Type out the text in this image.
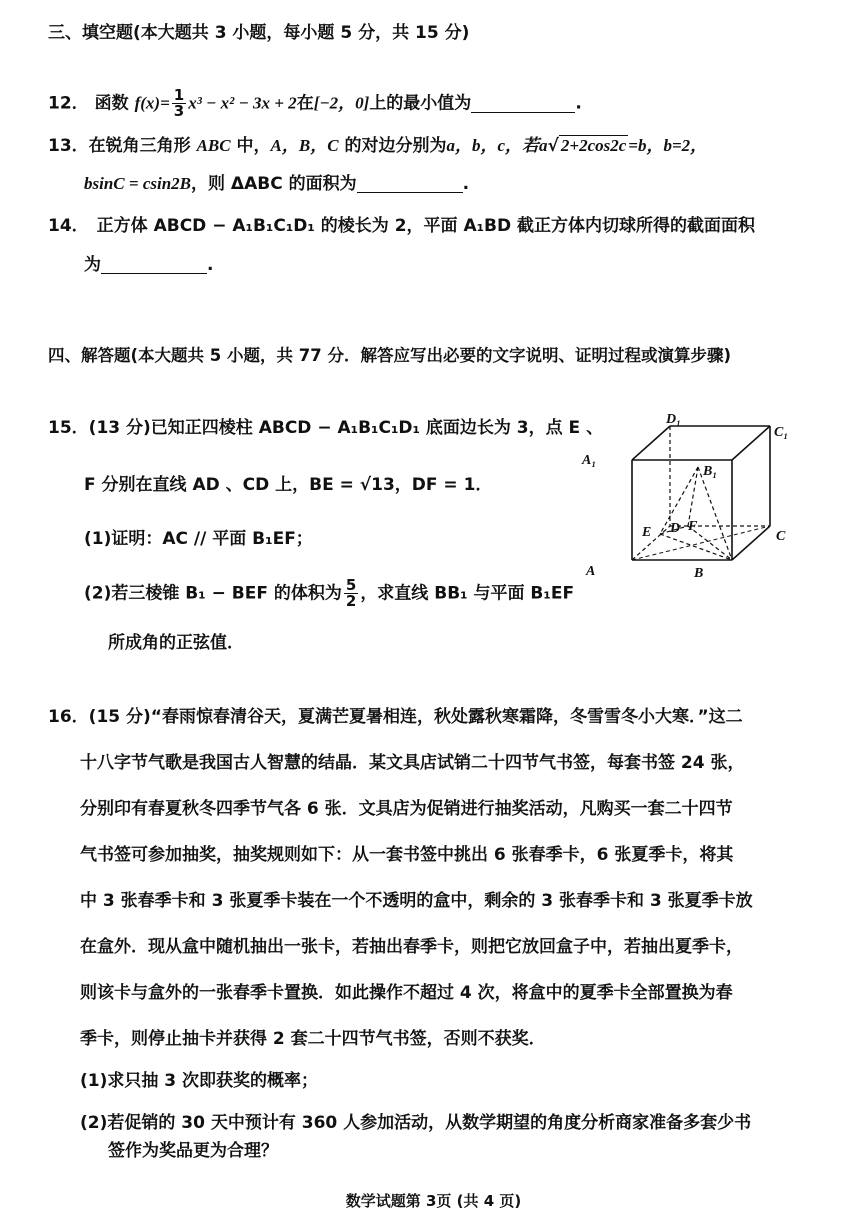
三、填空题(本大题共 3 小题，每小题 5 分，共 15 分)
12． 函数 $f(x)= \frac{1}{3} x^3 - x^2 - 3x + 2$在[−2，0]上的最小值为	.
13．在锐角三角形 ABC 中，A，B，C 的对边分别为a，b，c，若a√ 2+2cos2c =b，b=2，
bsinC = csin2B，则 ΔABC 的面积为	.
14． 正方体 ABCD − A₁B₁C₁D₁ 的棱长为 2，平面 A₁BD 截正方体内切球所得的截面面积
为	.
四、解答题(本大题共 5 小题，共 77 分．解答应写出必要的文字说明、证明过程或演算步骤)
15．(13 分)已知正四棱柱 ABCD − A₁B₁C₁D₁ 底面边长为 3，点 E 、
F 分别在直线 AD 、CD 上，BE = √13，DF = 1．
(1)证明：AC // 平面 B₁EF；
(2)若三棱锥 B₁ − BEF 的体积为 $\frac{5}{2}$ ，求直线 BB₁ 与平面 B₁EF
所成角的正弦值．
D₁
C₁
A₁
B₁
E D F
C
A	B
16．(15 分)“春雨惊春清谷天，夏满芒夏暑相连，秋处露秋寒霜降，冬雪雪冬小大寒．”这二
十八字节气歌是我国古人智慧的结晶．某文具店试销二十四节气书签，每套书签 24 张，
分别印有春夏秋冬四季节气各 6 张．文具店为促销进行抽奖活动，凡购买一套二十四节
气书签可参加抽奖，抽奖规则如下：从一套书签中挑出 6 张春季卡，6 张夏季卡，将其
中 3 张春季卡和 3 张夏季卡装在一个不透明的盒中，剩余的 3 张春季卡和 3 张夏季卡放
在盒外．现从盒中随机抽出一张卡，若抽出春季卡，则把它放回盒子中，若抽出夏季卡，
则该卡与盒外的一张春季卡置换．如此操作不超过 4 次，将盒中的夏季卡全部置换为春
季卡，则停止抽卡并获得 2 套二十四节气书签，否则不获奖．
(1)求只抽 3 次即获奖的概率；
(2)若促销的 30 天中预计有 360 人参加活动，从数学期望的角度分析商家准备多套少书
签作为奖品更为合理？
数学试题第 3页 (共 4 页)
